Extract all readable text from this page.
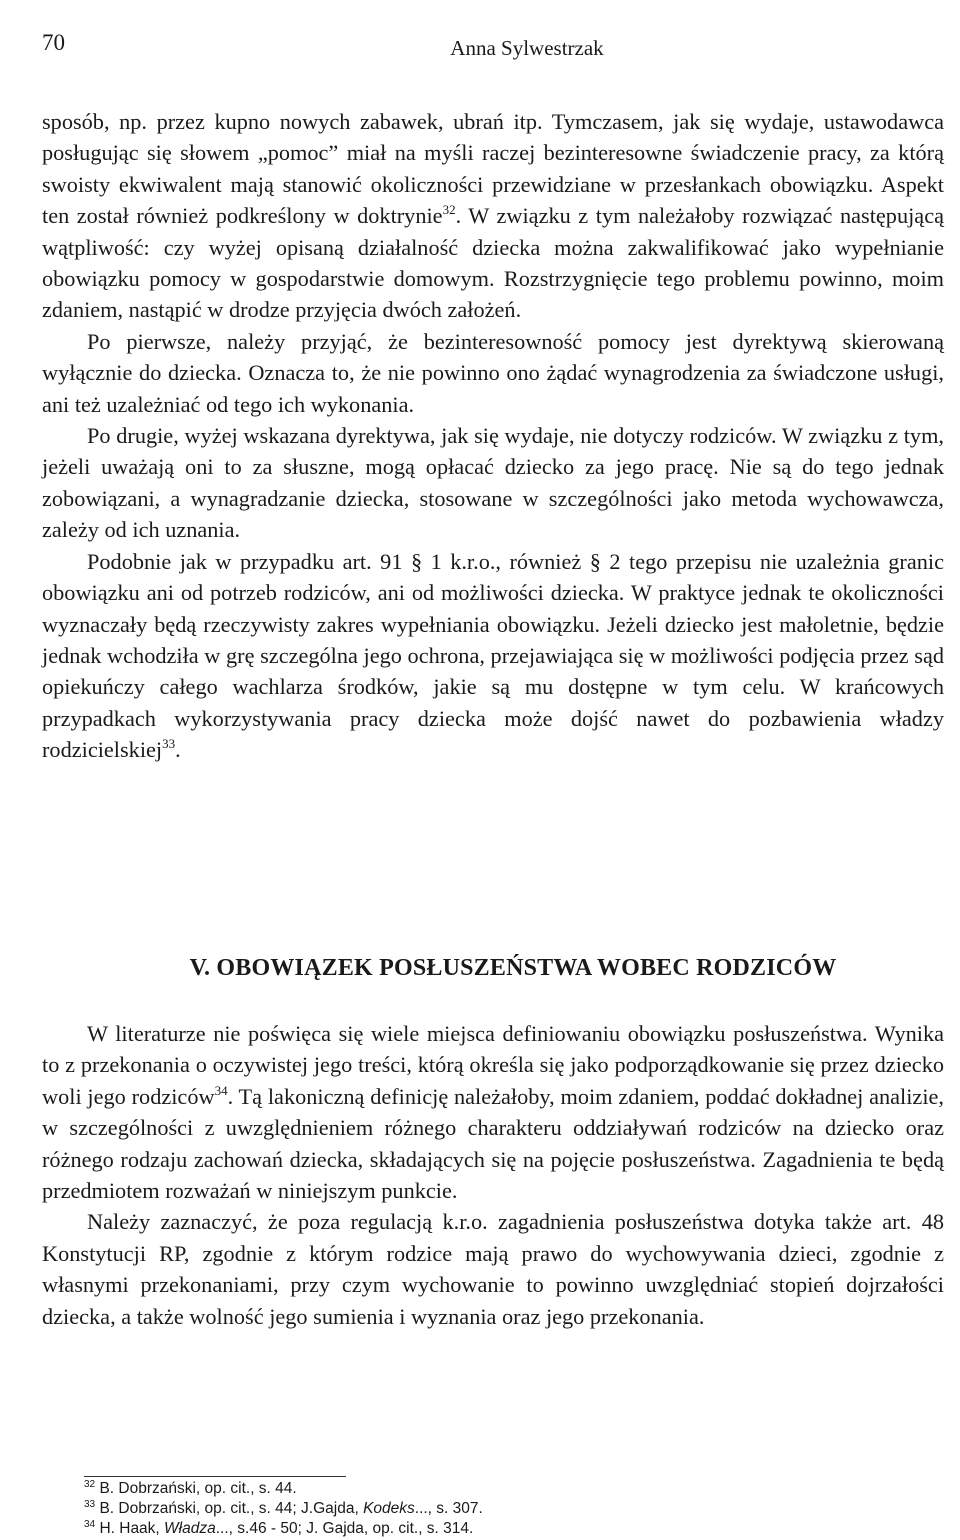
70	Anna Sylwestrzak

sposób, np. przez kupno nowych zabawek, ubrań itp. Tymczasem, jak się wydaje, ustawodawca posługując się słowem „pomoc” miał na myśli raczej bezinteresowne świadczenie pracy, za którą swoisty ekwiwalent mają stanowić okoliczności przewidziane w przesłankach obowiązku. Aspekt ten został również podkreślony w doktrynie$^{32}$. W związku z tym należałoby rozwiązać następującą wątpliwość: czy wyżej opisaną działalność dziecka można zakwalifikować jako wypełnianie obowiązku pomocy w gospodarstwie domowym. Rozstrzygnięcie tego problemu powinno, moim zdaniem, nastąpić w drodze przyjęcia dwóch założeń.

Po pierwsze, należy przyjąć, że bezinteresowność pomocy jest dyrektywą skierowaną wyłącznie do dziecka. Oznacza to, że nie powinno ono żądać wynagrodzenia za świadczone usługi, ani też uzależniać od tego ich wykonania.

Po drugie, wyżej wskazana dyrektywa, jak się wydaje, nie dotyczy rodziców. W związku z tym, jeżeli uważają oni to za słuszne, mogą opłacać dziecko za jego pracę. Nie są do tego jednak zobowiązani, a wynagradzanie dziecka, stosowane w szczególności jako metoda wychowawcza, zależy od ich uznania.

Podobnie jak w przypadku art. 91 § 1 k.r.o., również § 2 tego przepisu nie uzależnia granic obowiązku ani od potrzeb rodziców, ani od możliwości dziecka. W praktyce jednak te okoliczności wyznaczały będą rzeczywisty zakres wypełniania obowiązku. Jeżeli dziecko jest małoletnie, będzie jednak wchodziła w grę szczególna jego ochrona, przejawiająca się w możliwości podjęcia przez sąd opiekuńczy całego wachlarza środków, jakie są mu dostępne w tym celu. W krańcowych przypadkach wykorzystywania pracy dziecka może dojść nawet do pozbawienia władzy rodzicielskiej$^{33}$.

V. OBOWIĄZEK POSŁUSZEŃSTWA WOBEC RODZICÓW

W literaturze nie poświęca się wiele miejsca definiowaniu obowiązku posłuszeństwa. Wynika to z przekonania o oczywistej jego treści, którą określa się jako podporządkowanie się przez dziecko woli jego rodziców$^{34}$. Tą lakoniczną definicję należałoby, moim zdaniem, poddać dokładnej analizie, w szczególności z uwzględnieniem różnego charakteru oddziaływań rodziców na dziecko oraz różnego rodzaju zachowań dziecka, składających się na pojęcie posłuszeństwa. Zagadnienia te będą przedmiotem rozważań w niniejszym punkcie.

Należy zaznaczyć, że poza regulacją k.r.o. zagadnienia posłuszeństwa dotyka także art. 48 Konstytucji RP, zgodnie z którym rodzice mają prawo do wychowywania dzieci, zgodnie z własnymi przekonaniami, przy czym wychowanie to powinno uwzględniać stopień dojrzałości dziecka, a także wolność jego sumienia i wyznania oraz jego przekonania.

$^{32}$ B. Dobrzański, op. cit., s. 44.
$^{33}$ B. Dobrzański, op. cit., s. 44; J.Gajda, Kodeks..., s. 307.
$^{34}$ H. Haak, Władza..., s.46 - 50; J. Gajda, op. cit., s. 314.
